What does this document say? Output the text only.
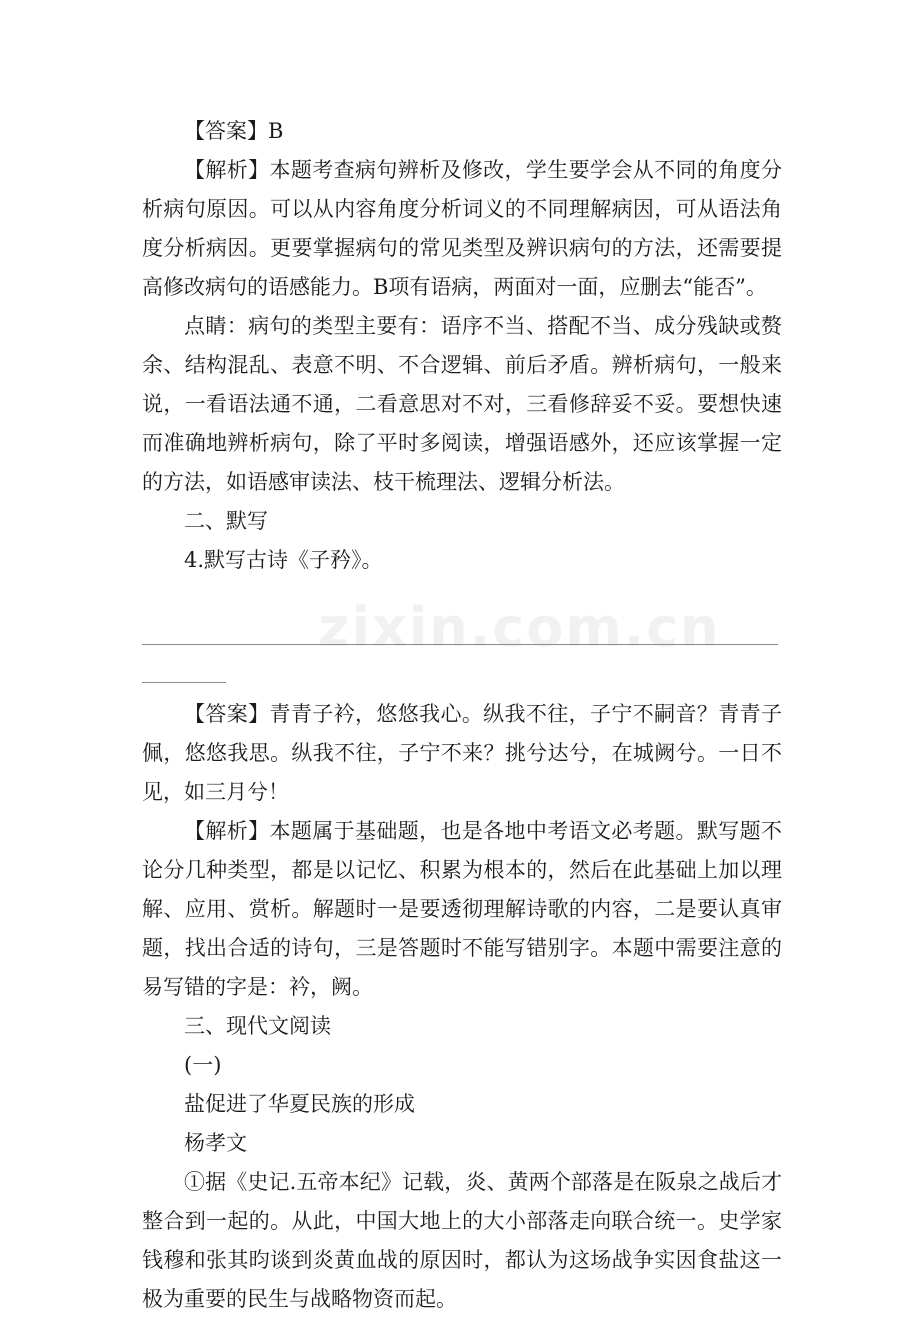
zixin.com.cn

【答案】B

【解析】本题考查病句辨析及修改，学生要学会从不同的角度分析病句原因。可以从内容角度分析词义的不同理解病因，可从语法角度分析病因。更要掌握病句的常见类型及辨识病句的方法，还需要提高修改病句的语感能力。B项有语病，两面对一面，应删去“能否”。

点睛：病句的类型主要有：语序不当、搭配不当、成分残缺或赘余、结构混乱、表意不明、不合逻辑、前后矛盾。辨析病句，一般来说，一看语法通不通，二看意思对不对，三看修辞妥不妥。要想快速而准确地辨析病句，除了平时多阅读，增强语感外，还应该掌握一定的方法，如语感审读法、枝干梳理法、逻辑分析法。

二、默写

4.默写古诗《子矜》。

【答案】青青子衿，悠悠我心。纵我不往，子宁不嗣音？青青子佩，悠悠我思。纵我不往，子宁不来？挑兮达兮，在城阙兮。一日不见，如三月兮！

【解析】本题属于基础题，也是各地中考语文必考题。默写题不论分几种类型，都是以记忆、积累为根本的，然后在此基础上加以理解、应用、赏析。解题时一是要透彻理解诗歌的内容，二是要认真审题，找出合适的诗句，三是答题时不能写错别字。本题中需要注意的易写错的字是：衿，阙。

三、现代文阅读

(一)

盐促进了华夏民族的形成

杨孝文

①据《史记.五帝本纪》记载，炎、黄两个部落是在阪泉之战后才整合到一起的。从此，中国大地上的大小部落走向联合统一。史学家钱穆和张其昀谈到炎黄血战的原因时，都认为这场战争实因食盐这一极为重要的民生与战略物资而起。
